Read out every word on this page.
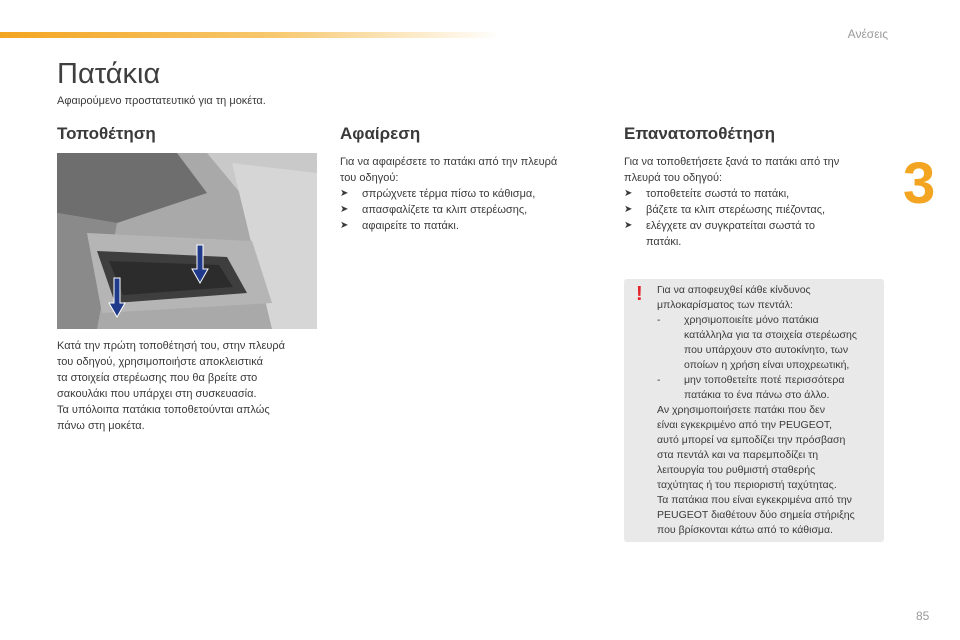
Ανέσεις
3
Πατάκια
Αφαιρούμενο προστατευτικό για τη μοκέτα.
Τοποθέτηση	Αφαίρεση	Επανατοποθέτηση

Κατά την πρώτη τοποθέτησή του, στην πλευρά

του οδηγού, χρησιμοποιήστε αποκλειστικά

τα στοιχεία στερέωσης που θα βρείτε στο

σακουλάκι που υπάρχει στη συσκευασία.

Τα υπόλοιπα πατάκια τοποθετούνται απλώς

πάνω στη μοκέτα.

Για να αφαιρέσετε το πατάκι από την πλευρά

του οδηγού:

➤ σπρώχνετε τέρμα πίσω το κάθισμα,
➤ απασφαλίζετε τα κλιπ στερέωσης,
➤ αφαιρείτε το πατάκι.

Για να τοποθετήσετε ξανά το πατάκι από την

πλευρά του οδηγού:

➤ τοποθετείτε σωστά το πατάκι,
➤ βάζετε τα κλιπ στερέωσης πιέζοντας,
➤ ελέγχετε αν συγκρατείται σωστά το
πατάκι.
! Για να αποφευχθεί κάθε κίνδυνος

μπλοκαρίσματος των πεντάλ:

- χρησιμοποιείτε μόνο πατάκια

κατάλληλα για τα στοιχεία στερέωσης

που υπάρχουν στο αυτοκίνητο, των

οποίων η χρήση είναι υποχρεωτική,

- μην τοποθετείτε ποτέ περισσότερα

πατάκια το ένα πάνω στο άλλο.

Αν χρησιμοποιήσετε πατάκι που δεν

είναι εγκεκριμένο από την PEUGEOT,

αυτό μπορεί να εμποδίζει την πρόσβαση

στα πεντάλ και να παρεμποδίζει τη

λειτουργία του ρυθμιστή σταθερής

ταχύτητας ή του περιοριστή ταχύτητας.

Τα πατάκια που είναι εγκεκριμένα από την

PEUGEOT διαθέτουν δύο σημεία στήριξης

που βρίσκονται κάτω από το κάθισμα.

85
